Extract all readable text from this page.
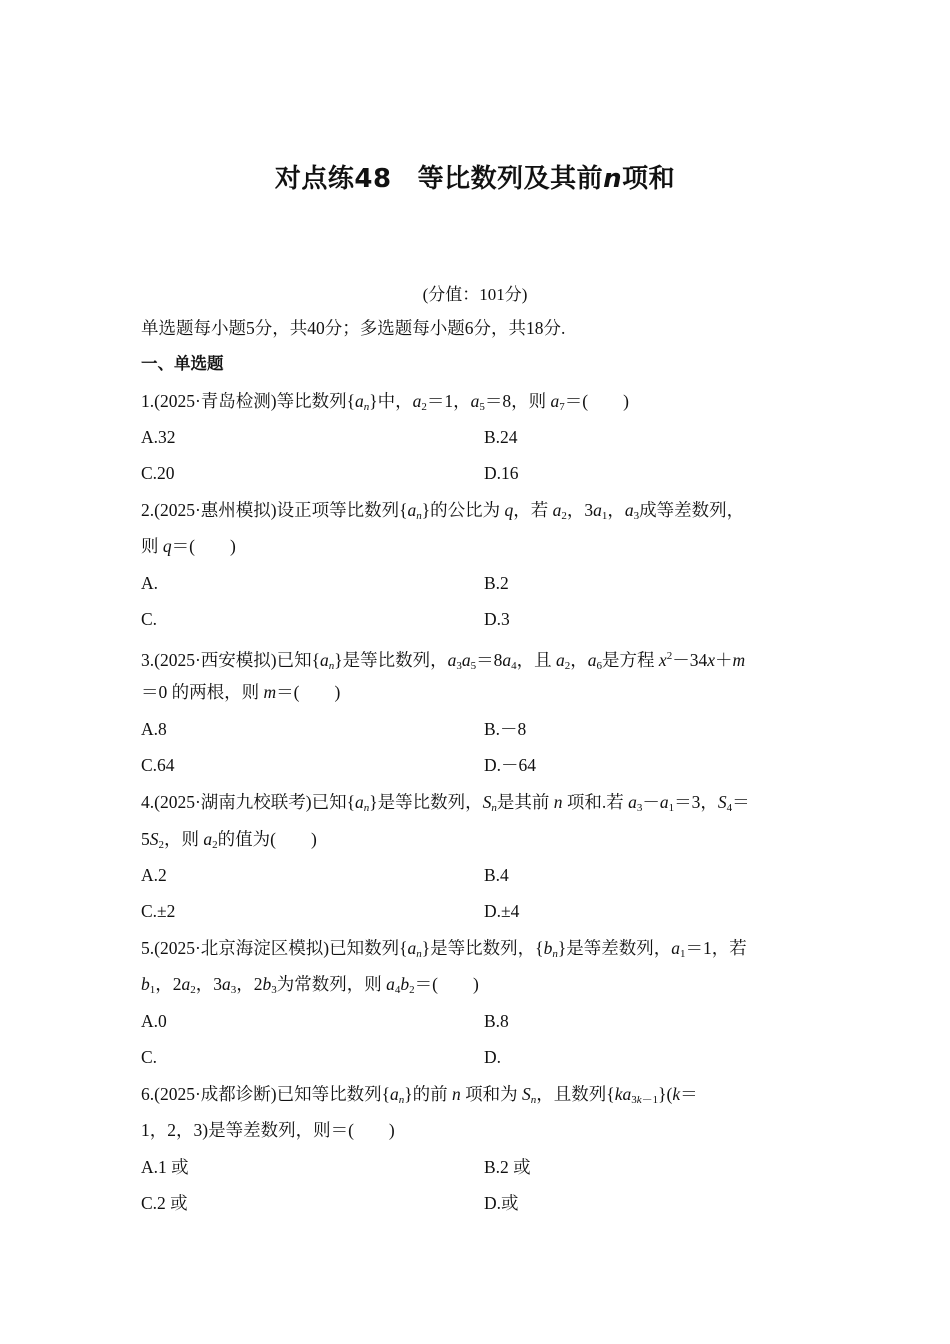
对点练48 等比数列及其前n项和
(分值：101分)
单选题每小题5分，共40分；多选题每小题6分，共18分.
一、单选题
1.(2025·青岛检测)等比数列$\{a_n\}$中，$a_2=1$，$a_5=8$，则 $a_7=$(　　)
A.32	B.24
C.20	D.16
2.(2025·惠州模拟)设正项等比数列$\{a_n\}$的公比为 q，若 $a_2$，$3a_1$，$a_3$成等差数列，
则 q＝(　　)
A.	B.2
C.	D.3
3.(2025·西安模拟)已知$\{a_n\}$是等比数列，$a_3a_5=8a_4$，且 $a_2$，$a_6$是方程 $x^2-34x+m$
＝0 的两根，则 m＝(　　)
A.8	B.－8
C.64	D.－64
4.(2025·湖南九校联考)已知$\{a_n\}$是等比数列，$S_n$是其前 n 项和.若 $a_3-a_1=3$，$S_4=$
$5S_2$，则 $a_2$的值为(　　)
A.2	B.4
C.±2	D.±4
5.(2025·北京海淀区模拟)已知数列$\{a_n\}$是等比数列，$\{b_n\}$是等差数列，$a_1=1$，若
$b_1$，$2a_2$，$3a_3$，$2b_3$为常数列，则 $a_4b_2=$(　　)
A.0	B.8
C.	D.
6.(2025·成都诊断)已知等比数列$\{a_n\}$的前 n 项和为 $S_n$，且数列$\{ka_{3k-1}\}(k=$
1，2，3)是等差数列，则＝(　　)
A.1 或	B.2 或
C.2 或	D.或
